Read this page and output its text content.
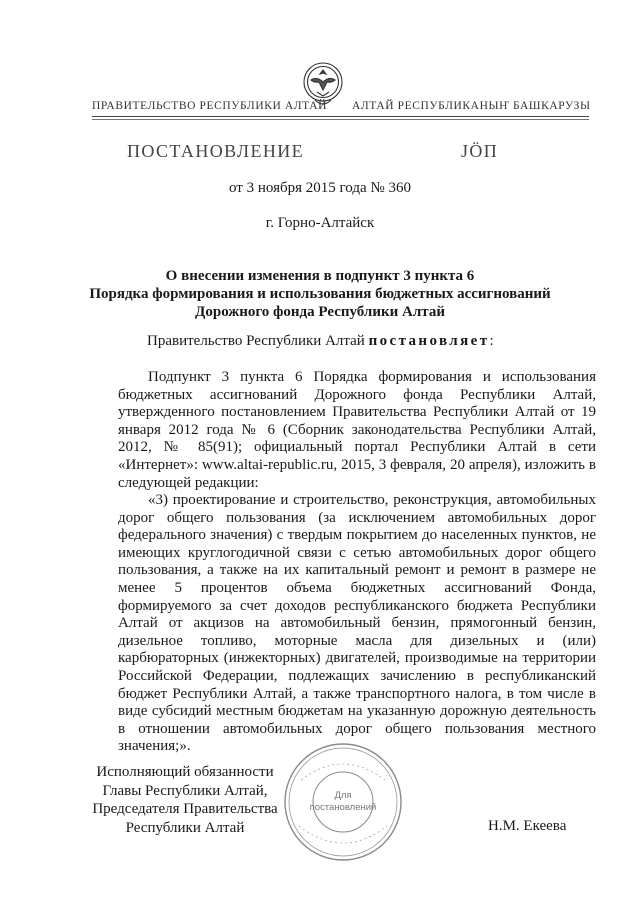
ПРАВИТЕЛЬСТВО РЕСПУБЛИКИ АЛТАЙ АЛТАЙ РЕСПУБЛИКАНЫҤ БАШКАРУЗЫ
ПОСТАНОВЛЕНИЕ	JÖП
от 3 ноября 2015 года № 360
г. Горно-Алтайск
О внесении изменения в подпункт 3 пункта 6
Порядка формирования и использования бюджетных ассигнований
Дорожного фонда Республики Алтай
Правительство Республики Алтай постановляет:
Подпункт 3 пункта 6 Порядка формирования и использования бюджетных ассигнований Дорожного фонда Республики Алтай, утвержденного постановлением Правительства Республики Алтай от 19 января 2012 года № 6 (Сборник законодательства Республики Алтай, 2012, № 85(91); официальный портал Республики Алтай в сети «Интернет»: www.altai-republic.ru, 2015, 3 февраля, 20 апреля), изложить в следующей редакции:
«3) проектирование и строительство, реконструкция, автомобильных дорог общего пользования (за исключением автомобильных дорог федерального значения) с твердым покрытием до населенных пунктов, не имеющих круглогодичной связи с сетью автомобильных дорог общего пользования, а также на их капитальный ремонт и ремонт в размере не менее 5 процентов объема бюджетных ассигнований Фонда, формируемого за счет доходов республиканского бюджета Республики Алтай от акцизов на автомобильный бензин, прямогонный бензин, дизельное топливо, моторные масла для дизельных и (или) карбюраторных (инжекторных) двигателей, производимые на территории Российской Федерации, подлежащих зачислению в республиканский бюджет Республики Алтай, а также транспортного налога, в том числе в виде субсидий местным бюджетам на указанную дорожную деятельность в отношении автомобильных дорог общего пользования местного значения;».
Исполняющий обязанности
Главы Республики Алтай,
Председателя Правительства
Республики Алтай	Н.М. Екеева
Для
постановлений
